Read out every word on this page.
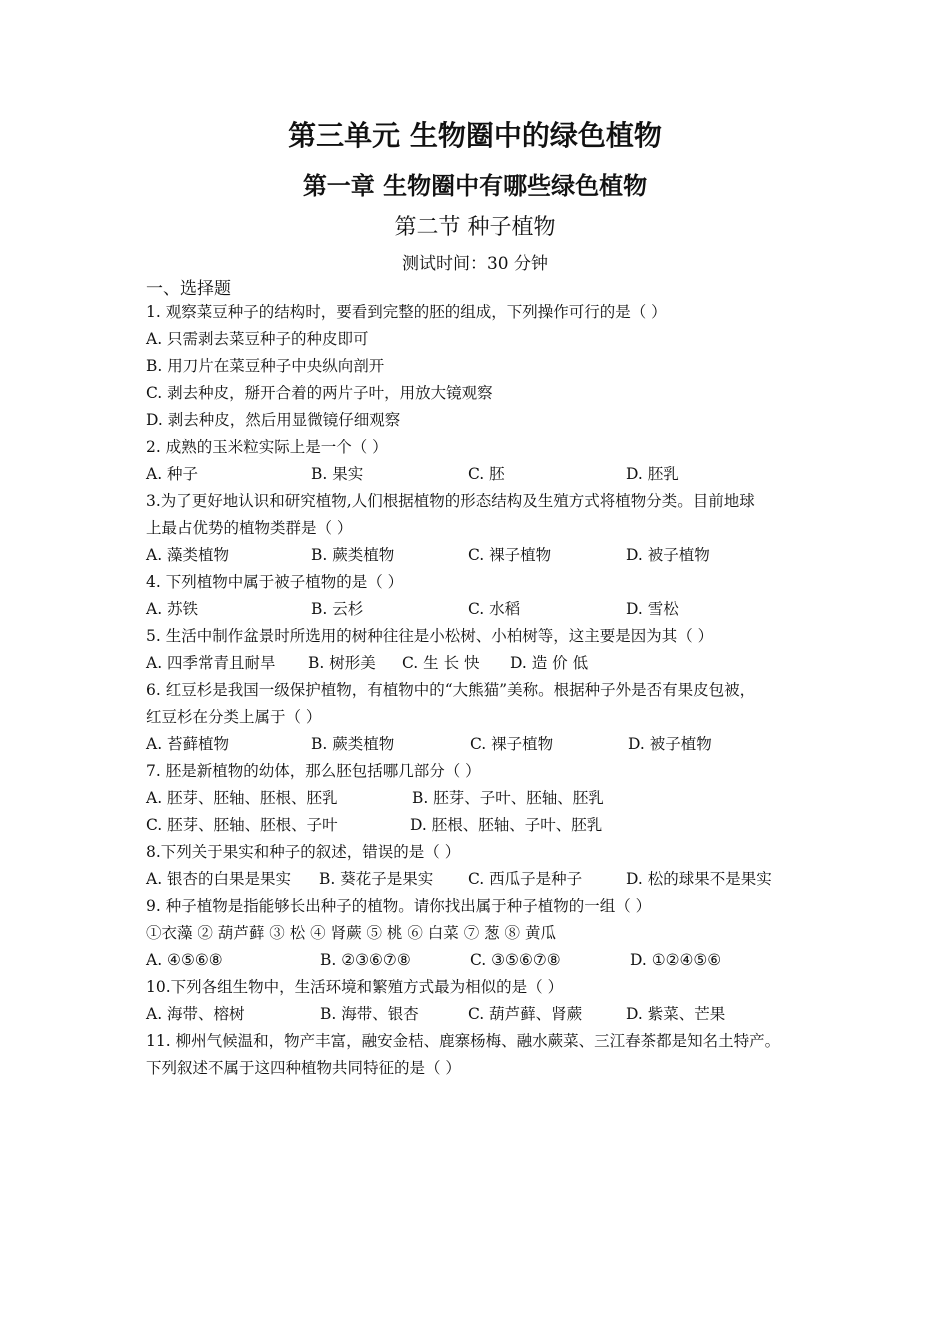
第三单元 生物圈中的绿色植物
第一章 生物圈中有哪些绿色植物
第二节 种子植物
测试时间：30 分钟
一、选择题
1. 观察菜豆种子的结构时，要看到完整的胚的组成，下列操作可行的是（ ）
A. 只需剥去菜豆种子的种皮即可
B. 用刀片在菜豆种子中央纵向剖开
C. 剥去种皮，掰开合着的两片子叶，用放大镜观察
D. 剥去种皮，然后用显微镜仔细观察
2. 成熟的玉米粒实际上是一个（ ）
A. 种子	B. 果实	C. 胚	D. 胚乳
3.为了更好地认识和研究植物,人们根据植物的形态结构及生殖方式将植物分类。目前地球
上最占优势的植物类群是（ ）
A. 藻类植物	B. 蕨类植物	C. 裸子植物	D. 被子植物
4. 下列植物中属于被子植物的是（ ）
A. 苏铁	B. 云杉	C. 水稻	D. 雪松
5. 生活中制作盆景时所选用的树种往往是小松树、小柏树等，这主要是因为其（ ）
A. 四季常青且耐旱 B. 树形美 C. 生 长 快 D. 造 价 低
6. 红豆杉是我国一级保护植物，有植物中的“大熊猫”美称。根据种子外是否有果皮包被，
红豆杉在分类上属于（ ）
A. 苔藓植物	B. 蕨类植物	C. 裸子植物	D. 被子植物
7. 胚是新植物的幼体，那么胚包括哪几部分（ ）
A. 胚芽、胚轴、胚根、胚乳	B. 胚芽、子叶、胚轴、胚乳
C. 胚芽、胚轴、胚根、子叶	D. 胚根、胚轴、子叶、胚乳
8.下列关于果实和种子的叙述，错误的是（ ）
A. 银杏的白果是果实 B. 葵花子是果实 C. 西瓜子是种子	D. 松的球果不是果实
9. 种子植物是指能够长出种子的植物。请你找出属于种子植物的一组（ ）
①衣藻 ② 葫芦藓 ③ 松 ④ 肾蕨 ⑤ 桃 ⑥ 白菜 ⑦ 葱 ⑧ 黄瓜
A. ④⑤⑥⑧	B. ②③⑥⑦⑧	C. ③⑤⑥⑦⑧	D. ①②④⑤⑥
10.下列各组生物中，生活环境和繁殖方式最为相似的是（ ）
A. 海带、榕树	B. 海带、银杏	C. 葫芦藓、肾蕨	D. 紫菜、芒果
11. 柳州气候温和，物产丰富，融安金桔、鹿寨杨梅、融水蕨菜、三江春茶都是知名土特产。
下列叙述不属于这四种植物共同特征的是（ ）
